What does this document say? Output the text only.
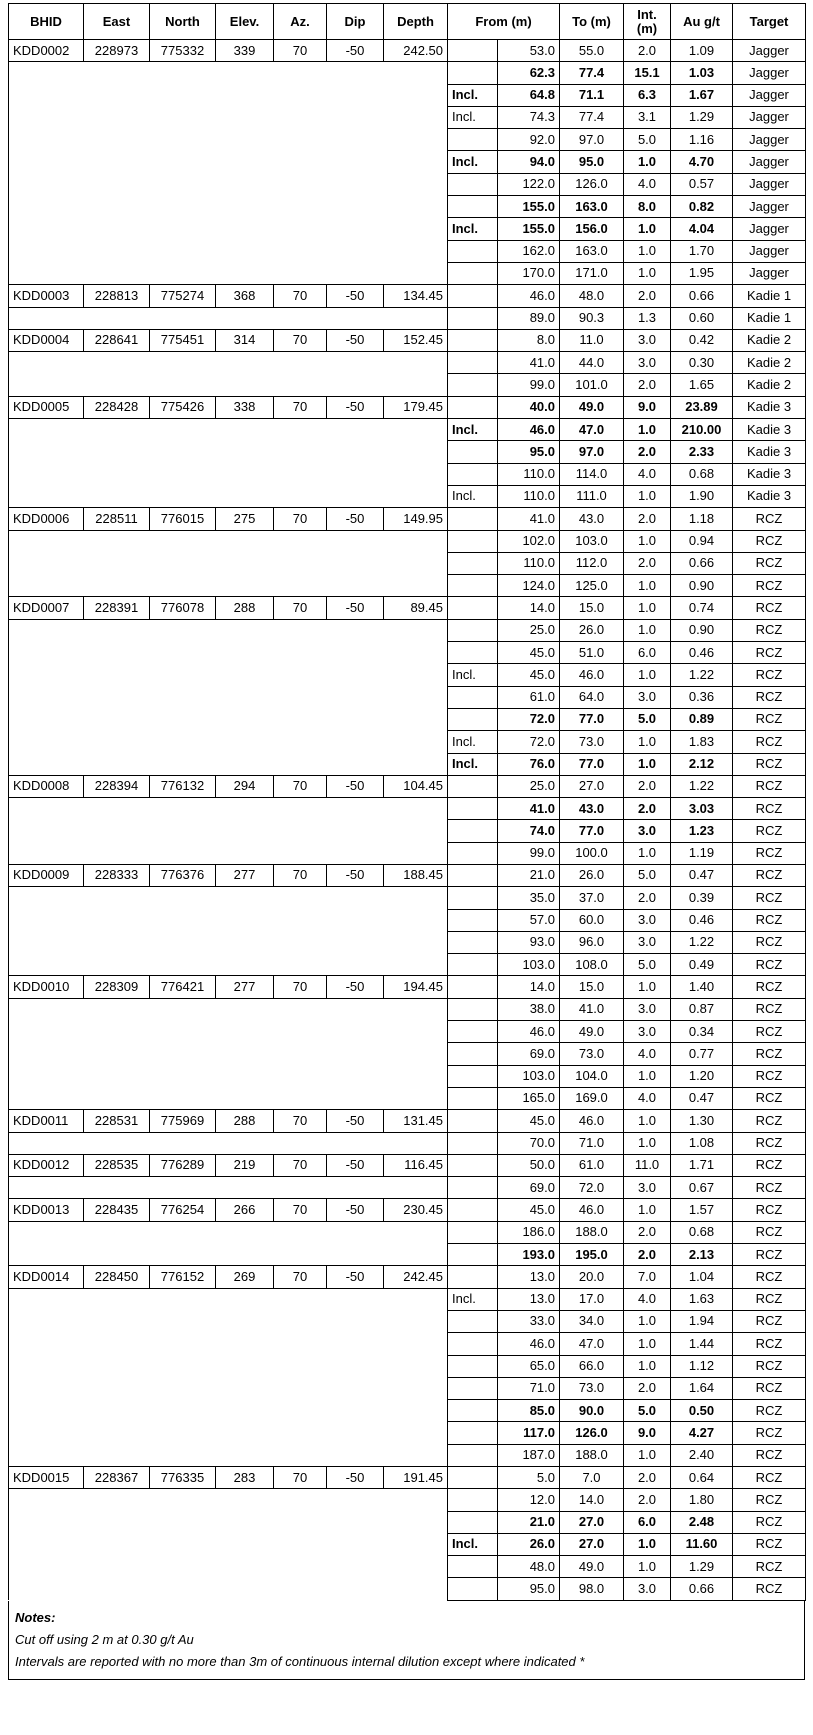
BHID	East	North	Elev.	Az.	Dip	Depth	From (m)		To (m)	Int. (m)	Au g/t	Target
KDD0002	228973	775332	339	70	-50	242.50		53.0	55.0	2.0	1.09	Jagger
								62.3	77.4	15.1	1.03	Jagger
							Incl.	64.8	71.1	6.3	1.67	Jagger
							Incl.	74.3	77.4	3.1	1.29	Jagger
								92.0	97.0	5.0	1.16	Jagger
							Incl.	94.0	95.0	1.0	4.70	Jagger
								122.0	126.0	4.0	0.57	Jagger
								155.0	163.0	8.0	0.82	Jagger
							Incl.	155.0	156.0	1.0	4.04	Jagger
								162.0	163.0	1.0	1.70	Jagger
								170.0	171.0	1.0	1.95	Jagger
KDD0003	228813	775274	368	70	-50	134.45		46.0	48.0	2.0	0.66	Kadie 1
								89.0	90.3	1.3	0.60	Kadie 1
KDD0004	228641	775451	314	70	-50	152.45		8.0	11.0	3.0	0.42	Kadie 2
								41.0	44.0	3.0	0.30	Kadie 2
								99.0	101.0	2.0	1.65	Kadie 2
KDD0005	228428	775426	338	70	-50	179.45		40.0	49.0	9.0	23.89	Kadie 3
							Incl.	46.0	47.0	1.0	210.00	Kadie 3
								95.0	97.0	2.0	2.33	Kadie 3
								110.0	114.0	4.0	0.68	Kadie 3
							Incl.	110.0	111.0	1.0	1.90	Kadie 3
KDD0006	228511	776015	275	70	-50	149.95		41.0	43.0	2.0	1.18	RCZ
								102.0	103.0	1.0	0.94	RCZ
								110.0	112.0	2.0	0.66	RCZ
								124.0	125.0	1.0	0.90	RCZ
KDD0007	228391	776078	288	70	-50	89.45		14.0	15.0	1.0	0.74	RCZ
								25.0	26.0	1.0	0.90	RCZ
								45.0	51.0	6.0	0.46	RCZ
							Incl.	45.0	46.0	1.0	1.22	RCZ
								61.0	64.0	3.0	0.36	RCZ
								72.0	77.0	5.0	0.89	RCZ
							Incl.	72.0	73.0	1.0	1.83	RCZ
							Incl.	76.0	77.0	1.0	2.12	RCZ
KDD0008	228394	776132	294	70	-50	104.45		25.0	27.0	2.0	1.22	RCZ
								41.0	43.0	2.0	3.03	RCZ
								74.0	77.0	3.0	1.23	RCZ
								99.0	100.0	1.0	1.19	RCZ
KDD0009	228333	776376	277	70	-50	188.45		21.0	26.0	5.0	0.47	RCZ
								35.0	37.0	2.0	0.39	RCZ
								57.0	60.0	3.0	0.46	RCZ
								93.0	96.0	3.0	1.22	RCZ
								103.0	108.0	5.0	0.49	RCZ
KDD0010	228309	776421	277	70	-50	194.45		14.0	15.0	1.0	1.40	RCZ
								38.0	41.0	3.0	0.87	RCZ
								46.0	49.0	3.0	0.34	RCZ
								69.0	73.0	4.0	0.77	RCZ
								103.0	104.0	1.0	1.20	RCZ
								165.0	169.0	4.0	0.47	RCZ
KDD0011	228531	775969	288	70	-50	131.45		45.0	46.0	1.0	1.30	RCZ
								70.0	71.0	1.0	1.08	RCZ
KDD0012	228535	776289	219	70	-50	116.45		50.0	61.0	11.0	1.71	RCZ
								69.0	72.0	3.0	0.67	RCZ
KDD0013	228435	776254	266	70	-50	230.45		45.0	46.0	1.0	1.57	RCZ
								186.0	188.0	2.0	0.68	RCZ
								193.0	195.0	2.0	2.13	RCZ
KDD0014	228450	776152	269	70	-50	242.45		13.0	20.0	7.0	1.04	RCZ
							Incl.	13.0	17.0	4.0	1.63	RCZ
								33.0	34.0	1.0	1.94	RCZ
								46.0	47.0	1.0	1.44	RCZ
								65.0	66.0	1.0	1.12	RCZ
								71.0	73.0	2.0	1.64	RCZ
								85.0	90.0	5.0	0.50	RCZ
								117.0	126.0	9.0	4.27	RCZ
								187.0	188.0	1.0	2.40	RCZ
KDD0015	228367	776335	283	70	-50	191.45		5.0	7.0	2.0	0.64	RCZ
								12.0	14.0	2.0	1.80	RCZ
								21.0	27.0	6.0	2.48	RCZ
							Incl.	26.0	27.0	1.0	11.60	RCZ
								48.0	49.0	1.0	1.29	RCZ
								95.0	98.0	3.0	0.66	RCZ
Notes:
Cut off using 2 m at 0.30 g/t Au
Intervals are reported with no more than 3m of continuous internal dilution except where indicated *
